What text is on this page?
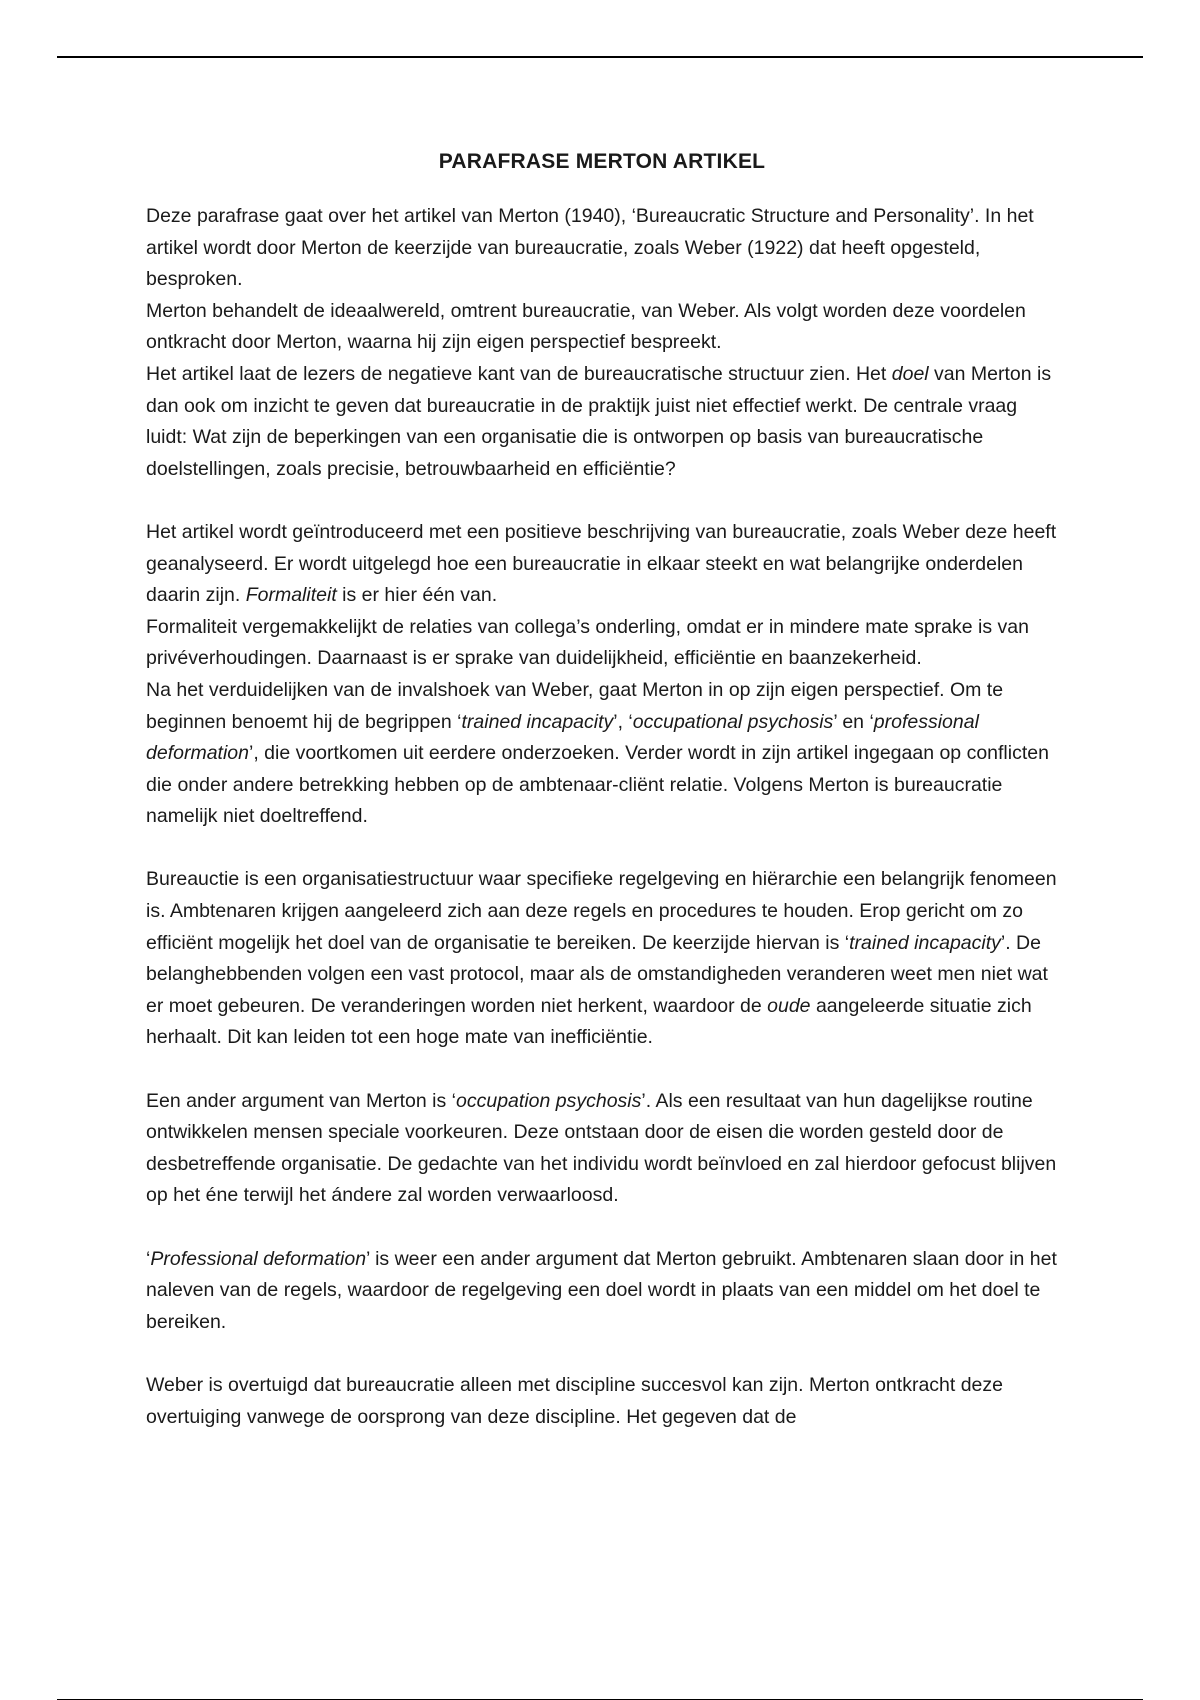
PARAFRASE MERTON ARTIKEL

Deze parafrase gaat over het artikel van Merton (1940), ‘Bureaucratic Structure and Personality’. In het artikel wordt door Merton de keerzijde van bureaucratie, zoals Weber (1922) dat heeft opgesteld, besproken.

Merton behandelt de ideaalwereld, omtrent bureaucratie, van Weber. Als volgt worden deze voordelen ontkracht door Merton, waarna hij zijn eigen perspectief bespreekt.

Het artikel laat de lezers de negatieve kant van de bureaucratische structuur zien. Het doel van Merton is dan ook om inzicht te geven dat bureaucratie in de praktijk juist niet effectief werkt. De centrale vraag luidt: Wat zijn de beperkingen van een organisatie die is ontworpen op basis van bureaucratische doelstellingen, zoals precisie, betrouwbaarheid en efficiëntie?

Het artikel wordt geïntroduceerd met een positieve beschrijving van bureaucratie, zoals Weber deze heeft geanalyseerd. Er wordt uitgelegd hoe een bureaucratie in elkaar steekt en wat belangrijke onderdelen daarin zijn. Formaliteit is er hier één van.

Formaliteit vergemakkelijkt de relaties van collega’s onderling, omdat er in mindere mate sprake is van privéverhoudingen. Daarnaast is er sprake van duidelijkheid, efficiëntie en baanzekerheid.

Na het verduidelijken van de invalshoek van Weber, gaat Merton in op zijn eigen perspectief. Om te beginnen benoemt hij de begrippen ‘trained incapacity’, ‘occupational psychosis’ en ‘professional deformation’, die voortkomen uit eerdere onderzoeken. Verder wordt in zijn artikel ingegaan op conflicten die onder andere betrekking hebben op de ambtenaar-cliënt relatie. Volgens Merton is bureaucratie namelijk niet doeltreffend.

Bureauctie is een organisatiestructuur waar specifieke regelgeving en hiërarchie een belangrijk fenomeen is. Ambtenaren krijgen aangeleerd zich aan deze regels en procedures te houden. Erop gericht om zo efficiënt mogelijk het doel van de organisatie te bereiken. De keerzijde hiervan is ‘trained incapacity’. De belanghebbenden volgen een vast protocol, maar als de omstandigheden veranderen weet men niet wat er moet gebeuren. De veranderingen worden niet herkent, waardoor de oude aangeleerde situatie zich herhaalt. Dit kan leiden tot een hoge mate van inefficiëntie.

Een ander argument van Merton is ‘occupation psychosis’. Als een resultaat van hun dagelijkse routine ontwikkelen mensen speciale voorkeuren. Deze ontstaan door de eisen die worden gesteld door de desbetreffende organisatie. De gedachte van het individu wordt beïnvloed en zal hierdoor gefocust blijven op het éne terwijl het ándere zal worden verwaarloosd.

‘Professional deformation’ is weer een ander argument dat Merton gebruikt. Ambtenaren slaan door in het naleven van de regels, waardoor de regelgeving een doel wordt in plaats van een middel om het doel te bereiken.

Weber is overtuigd dat bureaucratie alleen met discipline succesvol kan zijn. Merton ontkracht deze overtuiging vanwege de oorsprong van deze discipline. Het gegeven dat de
